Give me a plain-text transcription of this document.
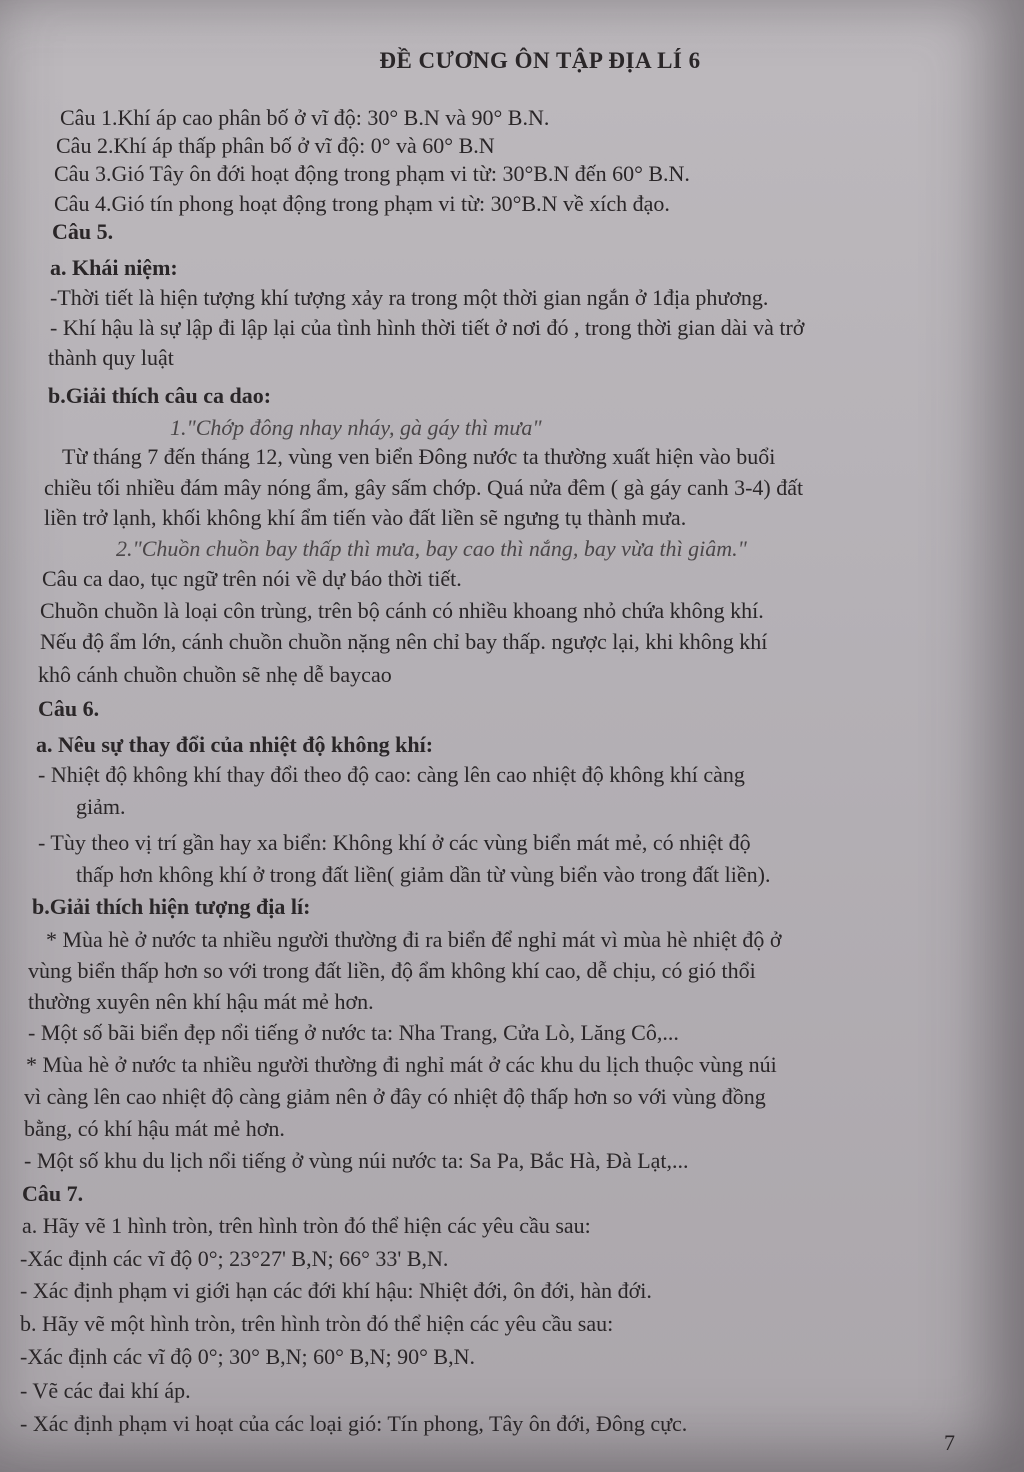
ĐỀ CƯƠNG ÔN TẬP ĐỊA LÍ 6
Câu 1.Khí áp cao phân bố ở vĩ độ: 30° B.N và 90° B.N.
Câu 2.Khí áp thấp phân bố ở vĩ độ: 0° và 60° B.N
Câu 3.Gió Tây ôn đới hoạt động trong phạm vi từ: 30°B.N đến 60° B.N.
Câu 4.Gió tín phong hoạt động trong phạm vi từ: 30°B.N về xích đạo.
Câu 5.
a. Khái niệm:
-Thời tiết là hiện tượng khí tượng xảy ra trong một thời gian ngắn ở 1địa phương.
- Khí hậu là sự lập đi lập lại của tình hình thời tiết ở nơi đó , trong thời gian dài và trở
thành quy luật
b.Giải thích câu ca dao:
1."Chớp đông nhay nháy, gà gáy thì mưa"
Từ tháng 7 đến tháng 12, vùng ven biển Đông nước ta thường xuất hiện vào buổi
chiều tối nhiều đám mây nóng ẩm, gây sấm chớp. Quá nửa đêm ( gà gáy canh 3-4) đất
liền trở lạnh, khối không khí ẩm tiến vào đất liền sẽ ngưng tụ thành mưa.
2."Chuồn chuồn bay thấp thì mưa, bay cao thì nắng, bay vừa thì giâm."
Câu ca dao, tục ngữ trên nói về dự báo thời tiết.
Chuồn chuồn là loại côn trùng, trên bộ cánh có nhiều khoang nhỏ chứa không khí.
Nếu độ ẩm lớn, cánh chuồn chuồn nặng nên chỉ bay thấp. ngược lại, khi không khí
khô cánh chuồn chuồn sẽ nhẹ dễ baycao
Câu 6.
a. Nêu sự thay đổi của nhiệt độ không khí:
- Nhiệt độ không khí thay đổi theo độ cao: càng lên cao nhiệt độ không khí càng
giảm.
- Tùy theo vị trí gần hay xa biển: Không khí ở các vùng biển mát mẻ, có nhiệt độ
thấp hơn không khí ở trong đất liền( giảm dần từ vùng biển vào trong đất liền).
b.Giải thích hiện tượng địa lí:
* Mùa hè ở nước ta nhiều người thường đi ra biển để nghỉ mát vì mùa hè nhiệt độ ở
vùng biển thấp hơn so với trong đất liền, độ ẩm không khí cao, dễ chịu, có gió thổi
thường xuyên nên khí hậu mát mẻ hơn.
- Một số bãi biển đẹp nổi tiếng ở nước ta: Nha Trang, Cửa Lò, Lăng Cô,...
* Mùa hè ở nước ta nhiều người thường đi nghỉ mát ở các khu du lịch thuộc vùng núi
vì càng lên cao nhiệt độ càng giảm nên ở đây có nhiệt độ thấp hơn so với vùng đồng
bằng, có khí hậu mát mẻ hơn.
- Một số khu du lịch nổi tiếng ở vùng núi nước ta: Sa Pa, Bắc Hà, Đà Lạt,...
Câu 7.
a. Hãy vẽ 1 hình tròn, trên hình tròn đó thể hiện các yêu cầu sau:
-Xác định các vĩ độ 0°; 23°27' B,N; 66° 33' B,N.
- Xác định phạm vi giới hạn các đới khí hậu: Nhiệt đới, ôn đới, hàn đới.
b. Hãy vẽ một hình tròn, trên hình tròn đó thể hiện các yêu cầu sau:
-Xác định các vĩ độ 0°; 30° B,N; 60° B,N; 90° B,N.
- Vẽ các đai khí áp.
- Xác định phạm vi hoạt của các loại gió: Tín phong, Tây ôn đới, Đông cực.
7
